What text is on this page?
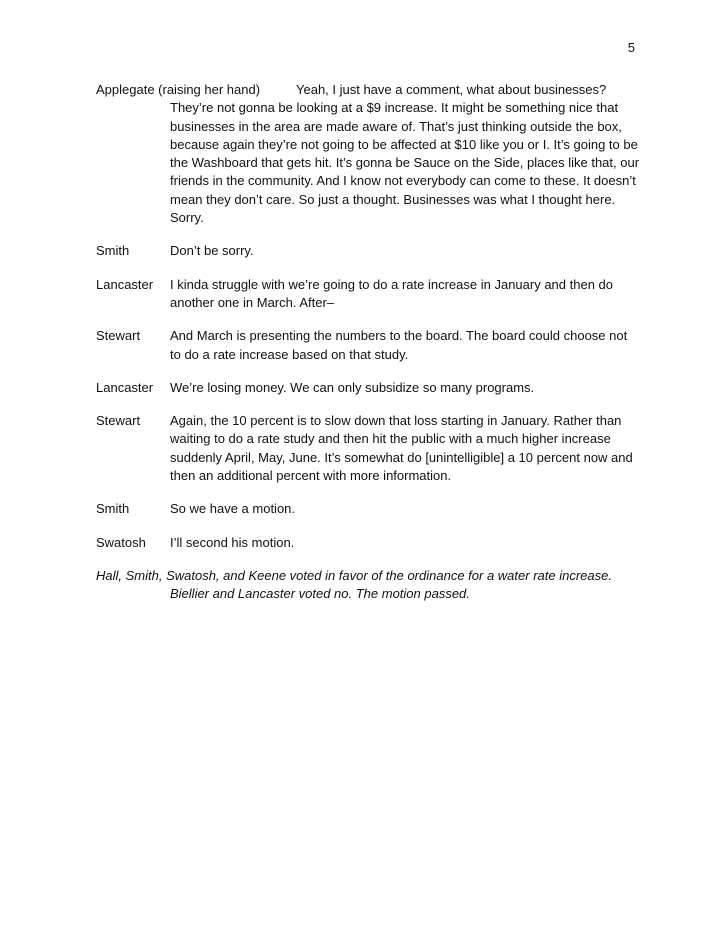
5
Applegate (raising her hand)	Yeah, I just have a comment, what about businesses? They’re not gonna be looking at a $9 increase. It might be something nice that businesses in the area are made aware of. That’s just thinking outside the box, because again they’re not going to be affected at $10 like you or I. It’s going to be the Washboard that gets hit. It’s gonna be Sauce on the Side, places like that, our friends in the community. And I know not everybody can come to these. It doesn’t mean they don’t care. So just a thought. Businesses was what I thought here. Sorry.
Smith	Don’t be sorry.
Lancaster I kinda struggle with we’re going to do a rate increase in January and then do another one in March. After–
Stewart And March is presenting the numbers to the board. The board could choose not to do a rate increase based on that study.
Lancaster We’re losing money. We can only subsidize so many programs.
Stewart Again, the 10 percent is to slow down that loss starting in January. Rather than waiting to do a rate study and then hit the public with a much higher increase suddenly April, May, June. It’s somewhat do [unintelligible] a 10 percent now and then an additional percent with more information.
Smith	So we have a motion.
Swatosh I’ll second his motion.

Hall, Smith, Swatosh, and Keene voted in favor of the ordinance for a water rate increase. Biellier and Lancaster voted no. The motion passed.
